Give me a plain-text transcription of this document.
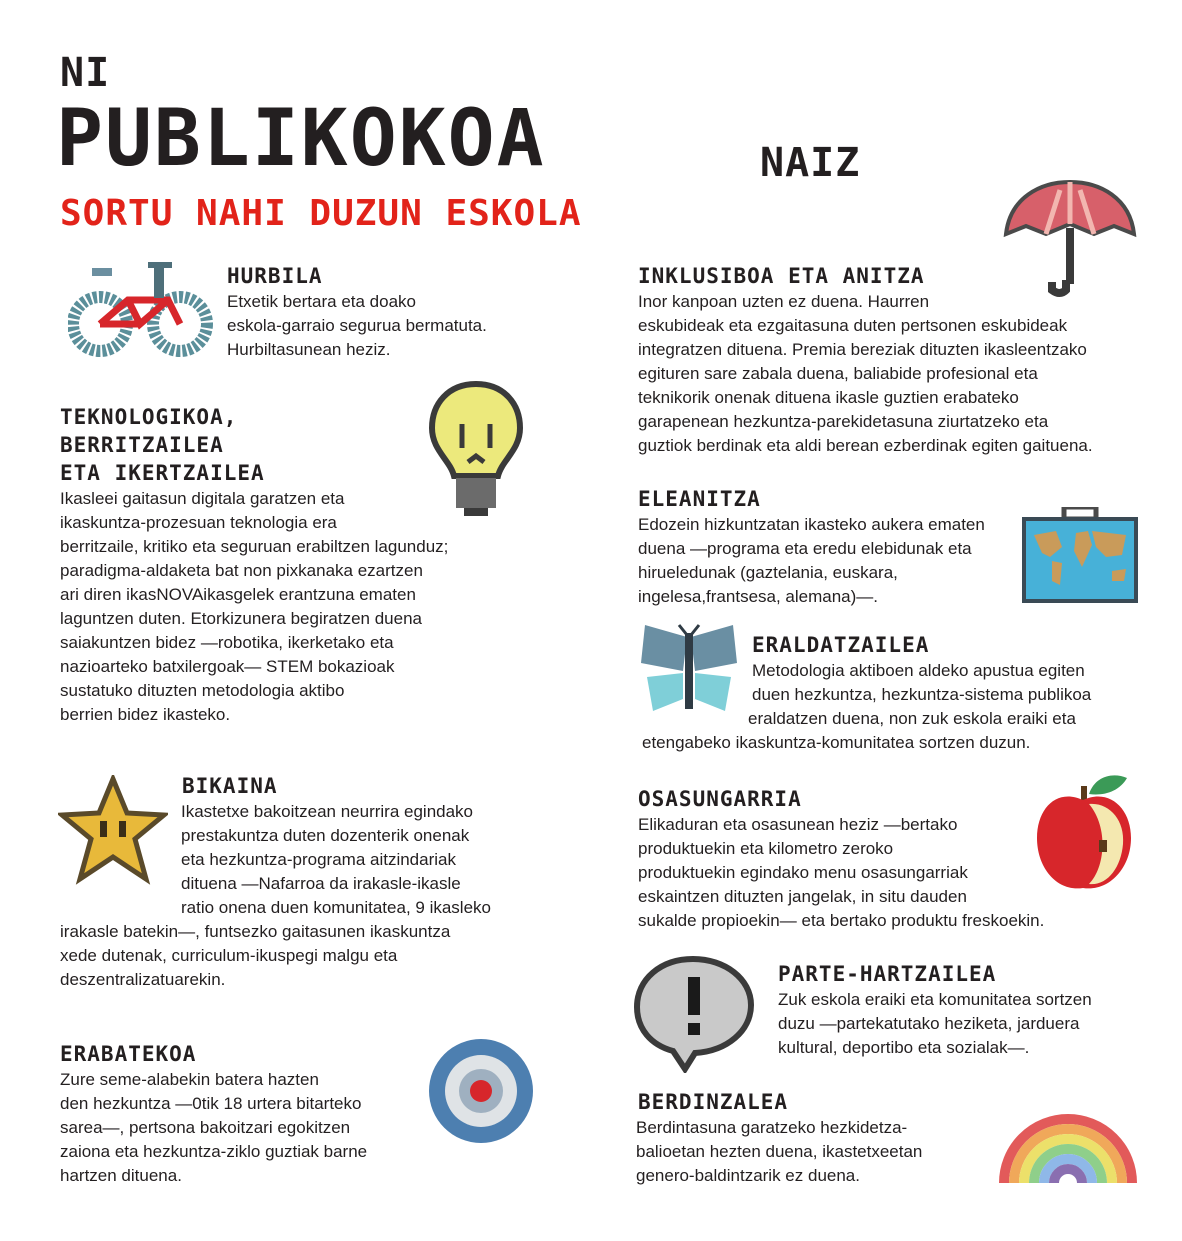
NI
PUBLIKOKOA	NAIZ
SORTU NAHI DUZUN ESKOLA
HURBILA
Etxetik bertara eta doako
eskola-garraio segurua bermatuta.
Hurbiltasunean heziz.
TEKNOLOGIKOA,
BERRITZAILEA
ETA IKERTZAILEA
Ikasleei gaitasun digitala garatzen eta
ikaskuntza-prozesuan teknologia era
berritzaile, kritiko eta seguruan erabiltzen lagunduz;
paradigma-aldaketa bat non pixkanaka ezartzen
ari diren ikasNOVAikasgelek erantzuna ematen
laguntzen duten. Etorkizunera begiratzen duena
saiakuntzen bidez —robotika, ikerketako eta
nazioarteko batxilergoak— STEM bokazioak
sustatuko dituzten metodologia aktibo
berrien bidez ikasteko.
BIKAINA
Ikastetxe bakoitzean neurrira egindako
prestakuntza duten dozenterik onenak
eta hezkuntza-programa aitzindariak
dituena —Nafarroa da irakasle-ikasle
ratio onena duen komunitatea, 9 ikasleko
irakasle batekin—, funtsezko gaitasunen ikaskuntza
xede dutenak, curriculum-ikuspegi malgu eta
deszentralizatuarekin.
ERABATEKOA
Zure seme-alabekin batera hazten
den hezkuntza —0tik 18 urtera bitarteko
sarea—, pertsona bakoitzari egokitzen
zaiona eta hezkuntza-ziklo guztiak barne
hartzen dituena.
INKLUSIBOA ETA ANITZA
Inor kanpoan uzten ez duena. Haurren
eskubideak eta ezgaitasuna duten pertsonen eskubideak
integratzen dituena. Premia bereziak dituzten ikasleentzako
egituren sare zabala duena, baliabide profesional eta
teknikorik onenak dituena ikasle guztien erabateko
garapenean hezkuntza-parekidetasuna ziurtatzeko eta
guztiok berdinak eta aldi berean ezberdinak egiten gaituena.
ELEANITZA
Edozein hizkuntzatan ikasteko aukera ematen
duena —programa eta eredu elebidunak eta
hirueledunak (gaztelania, euskara,
ingelesa,frantsesa, alemana)—.
ERALDATZAILEA
Metodologia aktiboen aldeko apustua egiten
duen hezkuntza, hezkuntza-sistema publikoa
eraldatzen duena, non zuk eskola eraiki eta
etengabeko ikaskuntza-komunitatea sortzen duzun.
OSASUNGARRIA
Elikaduran eta osasunean heziz —bertako
produktuekin eta kilometro zeroko
produktuekin egindako menu osasungarriak
eskaintzen dituzten jangelak, in situ dauden
sukalde propioekin— eta bertako produktu freskoekin.
PARTE-HARTZAILEA
Zuk eskola eraiki eta komunitatea sortzen
duzu —partekatutako heziketa, jarduera
kultural, deportibo eta sozialak—.
BERDINZALEA
Berdintasuna garatzeko hezkidetza-
balioetan hezten duena, ikastetxeetan
genero-baldintzarik ez duena.
